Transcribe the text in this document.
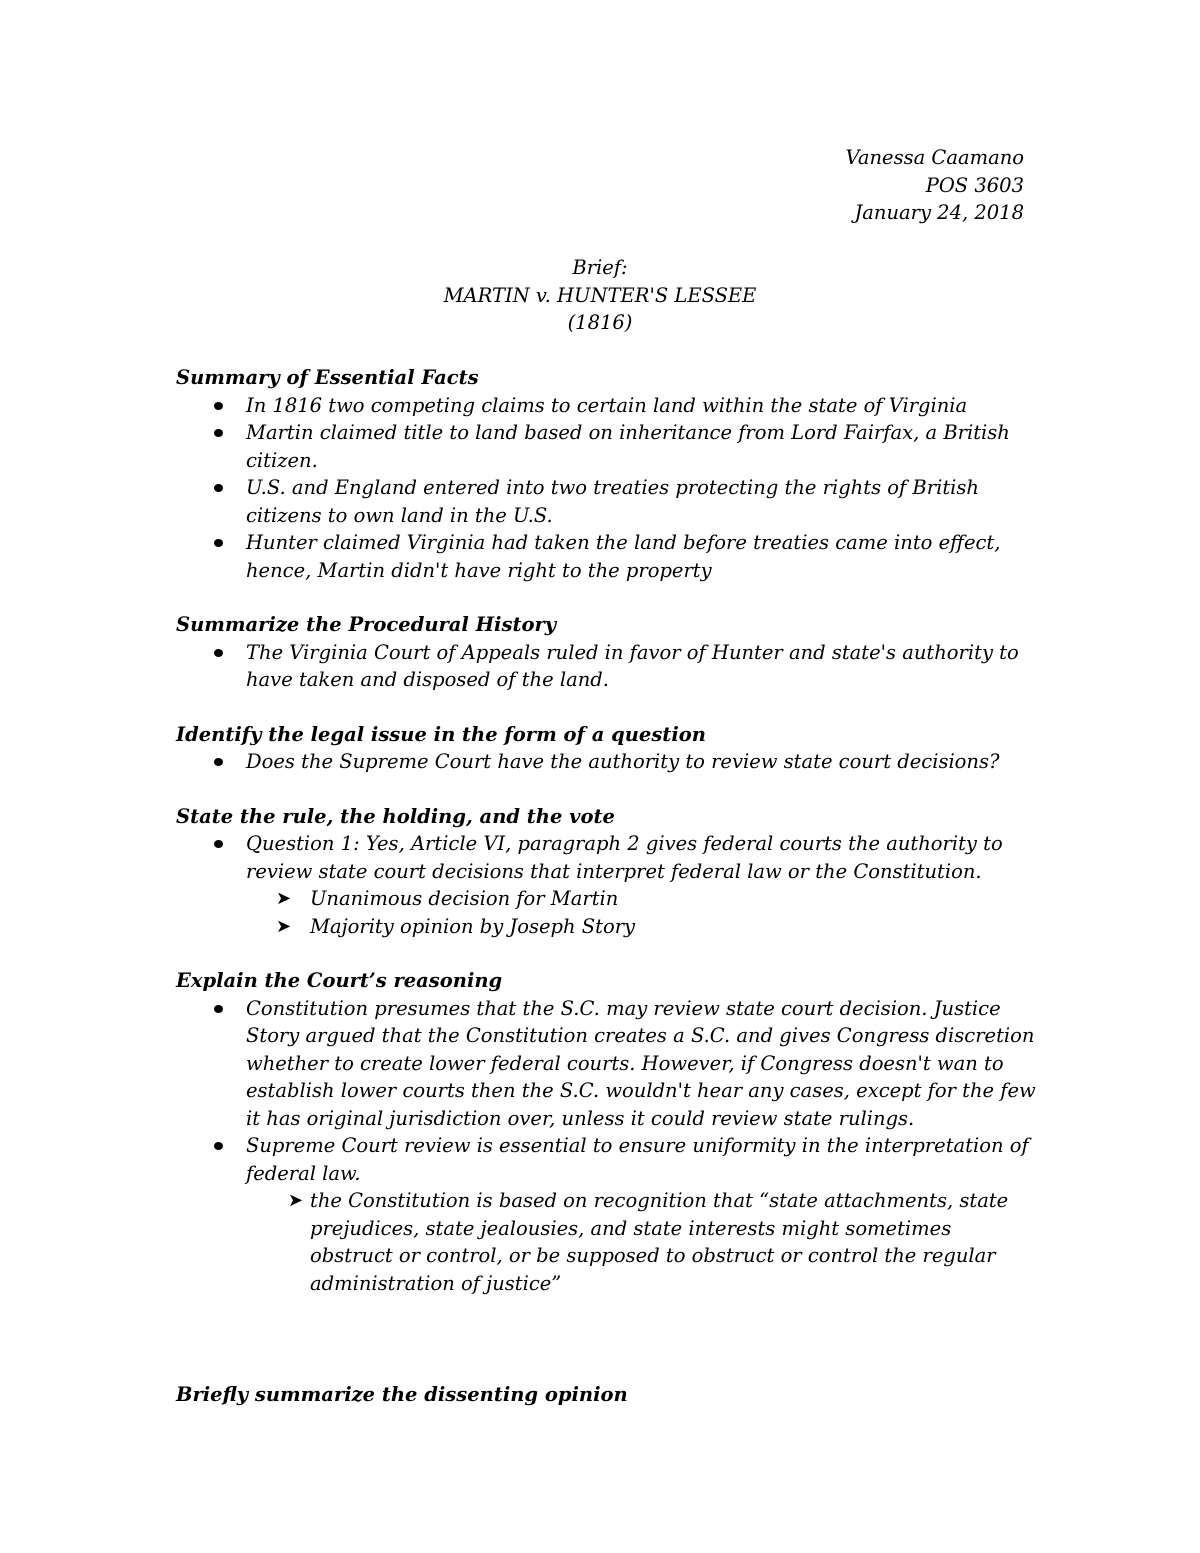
Vanessa Caamano
POS 3603
January 24, 2018
Brief:
MARTIN v. HUNTER'S LESSEE
(1816)
Summary of Essential Facts
In 1816 two competing claims to certain land within the state of Virginia
Martin claimed title to land based on inheritance from Lord Fairfax, a British citizen.
U.S. and England entered into two treaties protecting the rights of British citizens to own land in the U.S.
Hunter claimed Virginia had taken the land before treaties came into effect, hence, Martin didn't have right to the property
Summarize the Procedural History
The Virginia Court of Appeals ruled in favor of Hunter and state's authority to have taken and disposed of the land.
Identify the legal issue in the form of a question
Does the Supreme Court have the authority to review state court decisions?
State the rule, the holding, and the vote
Question 1: Yes, Article VI, paragraph 2 gives federal courts the authority to review state court decisions that interpret federal law or the Constitution.
➤ Unanimous decision for Martin
➤ Majority opinion by Joseph Story
Explain the Court’s reasoning
Constitution presumes that the S.C. may review state court decision. Justice Story argued that the Constitution creates a S.C. and gives Congress discretion whether to create lower federal courts. However, if Congress doesn't wan to establish lower courts then the S.C. wouldn't hear any cases, except for the few it has original jurisdiction over, unless it could review state rulings.
Supreme Court review is essential to ensure uniformity in the interpretation of federal law.
➤ the Constitution is based on recognition that “state attachments, state prejudices, state jealousies, and state interests might sometimes obstruct or control, or be supposed to obstruct or control the regular administration of justice”
Briefly summarize the dissenting opinion
